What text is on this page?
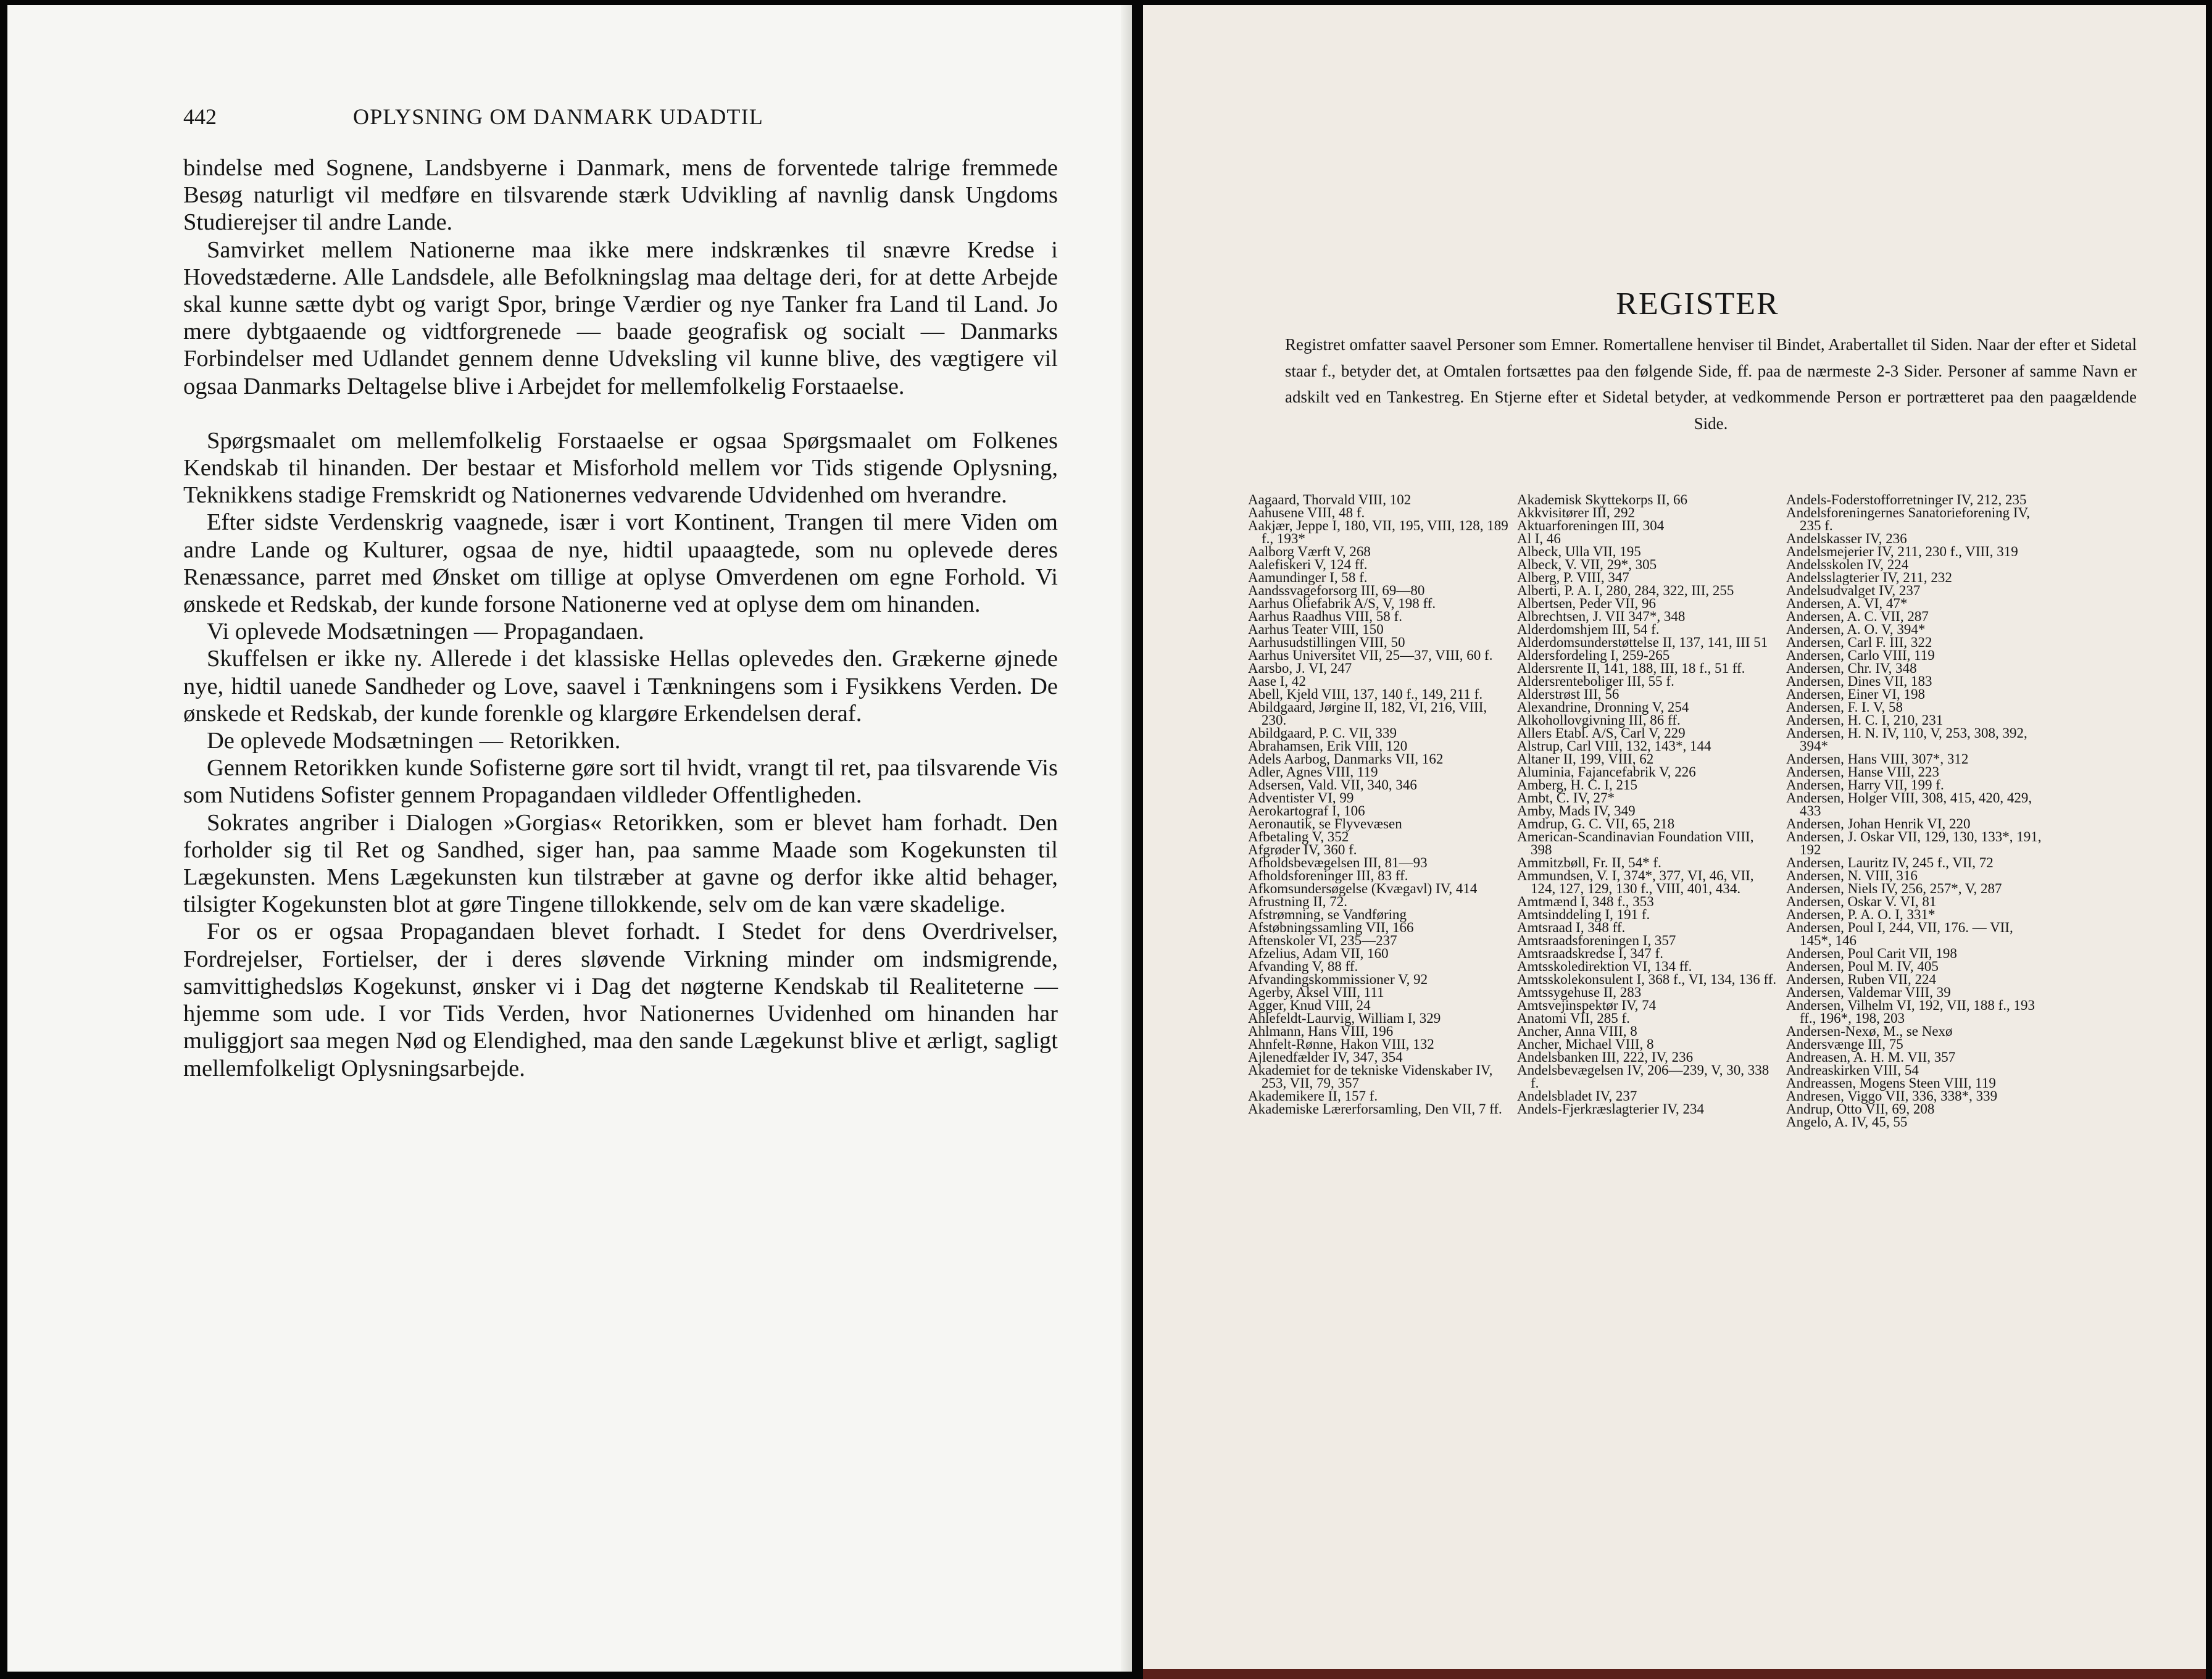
442	OPLYSNING OM DANMARK UDADTIL

bindelse med Sognene, Landsbyerne i Danmark, mens de forventede talrige fremmede Besøg naturligt vil medføre en tilsvarende stærk Udvikling af navnlig dansk Ungdoms Studierejser til andre Lande.

Samvirket mellem Nationerne maa ikke mere indskrænkes til snævre Kredse i Hovedstæderne. Alle Landsdele, alle Befolkningslag maa deltage deri, for at dette Arbejde skal kunne sætte dybt og varigt Spor, bringe Værdier og nye Tanker fra Land til Land. Jo mere dybtgaaende og vidtforgrenede — baade geografisk og socialt — Danmarks Forbindelser med Udlandet gennem denne Udveksling vil kunne blive, des vægtigere vil ogsaa Danmarks Deltagelse blive i Arbejdet for mellemfolkelig Forstaaelse.

Spørgsmaalet om mellemfolkelig Forstaaelse er ogsaa Spørgsmaalet om Folkenes Kendskab til hinanden. Der bestaar et Misforhold mellem vor Tids stigende Oplysning, Teknikkens stadige Fremskridt og Nationernes vedvarende Udvidenhed om hverandre.

Efter sidste Verdenskrig vaagnede, især i vort Kontinent, Trangen til mere Viden om andre Lande og Kulturer, ogsaa de nye, hidtil upaaagtede, som nu oplevede deres Renæssance, parret med Ønsket om tillige at oplyse Omverdenen om egne Forhold. Vi ønskede et Redskab, der kunde forsone Nationerne ved at oplyse dem om hinanden.

Vi oplevede Modsætningen — Propagandaen.

Skuffelsen er ikke ny. Allerede i det klassiske Hellas oplevedes den. Grækerne øjnede nye, hidtil uanede Sandheder og Love, saavel i Tænkningens som i Fysikkens Verden. De ønskede et Redskab, der kunde forenkle og klargøre Erkendelsen deraf.

De oplevede Modsætningen — Retorikken.

Gennem Retorikken kunde Sofisterne gøre sort til hvidt, vrangt til ret, paa tilsvarende Vis som Nutidens Sofister gennem Propagandaen vildleder Offentligheden.

Sokrates angriber i Dialogen »Gorgias« Retorikken, som er blevet ham forhadt. Den forholder sig til Ret og Sandhed, siger han, paa samme Maade som Kogekunsten til Lægekunsten. Mens Lægekunsten kun tilstræber at gavne og derfor ikke altid behager, tilsigter Kogekunsten blot at gøre Tingene tillokkende, selv om de kan være skadelige.

For os er ogsaa Propagandaen blevet forhadt. I Stedet for dens Overdrivelser, Fordrejelser, Fortielser, der i deres sløvende Virkning minder om indsmigrende, samvittighedsløs Kogekunst, ønsker vi i Dag det nøgterne Kendskab til Realiteterne — hjemme som ude. I vor Tids Verden, hvor Nationernes Uvidenhed om hinanden har muliggjort saa megen Nød og Elendighed, maa den sande Lægekunst blive et ærligt, sagligt mellemfolkeligt Oplysningsarbejde.

REGISTER
Registret omfatter saavel Personer som Emner. Romertallene henviser til Bindet, Arabertallet til Siden. Naar der efter et Sidetal staar f., betyder det, at Omtalen fortsættes paa den følgende Side, ff. paa de nærmeste 2-3 Sider. Personer af samme Navn er adskilt ved en Tankestreg. En Stjerne efter et Sidetal betyder, at vedkommende Person er portrætteret paa den paagældende Side.
Aagaard, Thorvald VIII, 102
Aahusene VIII, 48 f.
Aakjær, Jeppe I, 180, VII, 195, VIII, 128, 189 f., 193*
Aalborg Værft V, 268
Aalefiskeri V, 124 ff.
Aamundinger I, 58 f.
Aandssvageforsorg III, 69—80
Aarhus Oliefabrik A/S, V, 198 ff.
Aarhus Raadhus VIII, 58 f.
Aarhus Teater VIII, 150
Aarhusudstillingen VIII, 50
Aarhus Universitet VII, 25—37, VIII, 60 f.
Aarsbo, J. VI, 247
Aase I, 42
Abell, Kjeld VIII, 137, 140 f., 149, 211 f.
Abildgaard, Jørgine II, 182, VI, 216, VIII, 230.
Abildgaard, P. C. VII, 339
Abrahamsen, Erik VIII, 120
Adels Aarbog, Danmarks VII, 162
Adler, Agnes VIII, 119
Adsersen, Vald. VII, 340, 346
Adventister VI, 99
Aerokartograf I, 106
Aeronautik, se Flyvevæsen
Afbetaling V, 352
Afgrøder IV, 360 f.
Afholdsbevægelsen III, 81—93
Afholdsforeninger III, 83 ff.
Afkomsundersøgelse (Kvægavl) IV, 414
Afrustning II, 72.
Afstrømning, se Vandføring
Afstøbningssamling VII, 166
Aftenskoler VI, 235—237
Afzelius, Adam VII, 160
Afvanding V, 88 ff.
Afvandingskommissioner V, 92
Agerby, Aksel VIII, 111
Agger, Knud VIII, 24
Ahlefeldt-Laurvig, William I, 329
Ahlmann, Hans VIII, 196
Ahnfelt-Rønne, Hakon VIII, 132
Ajlenedfælder IV, 347, 354
Akademiet for de tekniske Videnskaber IV, 253, VII, 79, 357
Akademikere II, 157 f.
Akademiske Lærerforsamling, Den VII, 7 ff.
Akademisk Skyttekorps II, 66
Akkvisitører III, 292
Aktuarforeningen III, 304
Al I, 46
Albeck, Ulla VII, 195
Albeck, V. VII, 29*, 305
Alberg, P. VIII, 347
Alberti, P. A. I, 280, 284, 322, III, 255
Albertsen, Peder VII, 96
Albrechtsen, J. VII 347*, 348
Alderdomshjem III, 54 f.
Alderdomsunderstøttelse II, 137, 141, III 51
Aldersfordeling I, 259-265
Aldersrente II, 141, 188, III, 18 f., 51 ff.
Aldersrenteboliger III, 55 f.
Alderstrøst III, 56
Alexandrine, Dronning V, 254
Alkohollovgivning III, 86 ff.
Allers Etabl. A/S, Carl V, 229
Alstrup, Carl VIII, 132, 143*, 144
Altaner II, 199, VIII, 62
Aluminia, Fajancefabrik V, 226
Amberg, H. C. I, 215
Ambt, C. IV, 27*
Amby, Mads IV, 349
Amdrup, G. C. VII, 65, 218
American-Scandinavian Foundation VIII, 398
Ammitzbøll, Fr. II, 54* f.
Ammundsen, V. I, 374*, 377, VI, 46, VII, 124, 127, 129, 130 f., VIII, 401, 434.
Amtmænd I, 348 f., 353
Amtsinddeling I, 191 f.
Amtsraad I, 348 ff.
Amtsraadsforeningen I, 357
Amtsraadskredse I, 347 f.
Amtsskoledirektion VI, 134 ff.
Amtsskolekonsulent I, 368 f., VI, 134, 136 ff.
Amtssygehuse II, 283
Amtsvejinspektør IV, 74
Anatomi VII, 285 f.
Ancher, Anna VIII, 8
Ancher, Michael VIII, 8
Andelsbanken III, 222, IV, 236
Andelsbevægelsen IV, 206—239, V, 30, 338 f.
Andelsbladet IV, 237
Andels-Fjerkræslagterier IV, 234
Andels-Foderstofforretninger IV, 212, 235
Andelsforeningernes Sanatorieforening IV, 235 f.
Andelskasser IV, 236
Andelsmejerier IV, 211, 230 f., VIII, 319
Andelsskolen IV, 224
Andelsslagterier IV, 211, 232
Andelsudvalget IV, 237
Andersen, A. VI, 47*
Andersen, A. C. VII, 287
Andersen, A. O. V, 394*
Andersen, Carl F. III, 322
Andersen, Carlo VIII, 119
Andersen, Chr. IV, 348
Andersen, Dines VII, 183
Andersen, Einer VI, 198
Andersen, F. I. V, 58
Andersen, H. C. I, 210, 231
Andersen, H. N. IV, 110, V, 253, 308, 392, 394*
Andersen, Hans VIII, 307*, 312
Andersen, Hanse VIII, 223
Andersen, Harry VII, 199 f.
Andersen, Holger VIII, 308, 415, 420, 429, 433
Andersen, Johan Henrik VI, 220
Andersen, J. Oskar VII, 129, 130, 133*, 191, 192
Andersen, Lauritz IV, 245 f., VII, 72
Andersen, N. VIII, 316
Andersen, Niels IV, 256, 257*, V, 287
Andersen, Oskar V. VI, 81
Andersen, P. A. O. I, 331*
Andersen, Poul I, 244, VII, 176. — VII, 145*, 146
Andersen, Poul Carit VII, 198
Andersen, Poul M. IV, 405
Andersen, Ruben VII, 224
Andersen, Valdemar VIII, 39
Andersen, Vilhelm VI, 192, VII, 188 f., 193 ff., 196*, 198, 203
Andersen-Nexø, M., se Nexø
Andersvænge III, 75
Andreasen, A. H. M. VII, 357
Andreaskirken VIII, 54
Andreassen, Mogens Steen VIII, 119
Andresen, Viggo VII, 336, 338*, 339
Andrup, Otto VII, 69, 208
Angelo, A. IV, 45, 55
